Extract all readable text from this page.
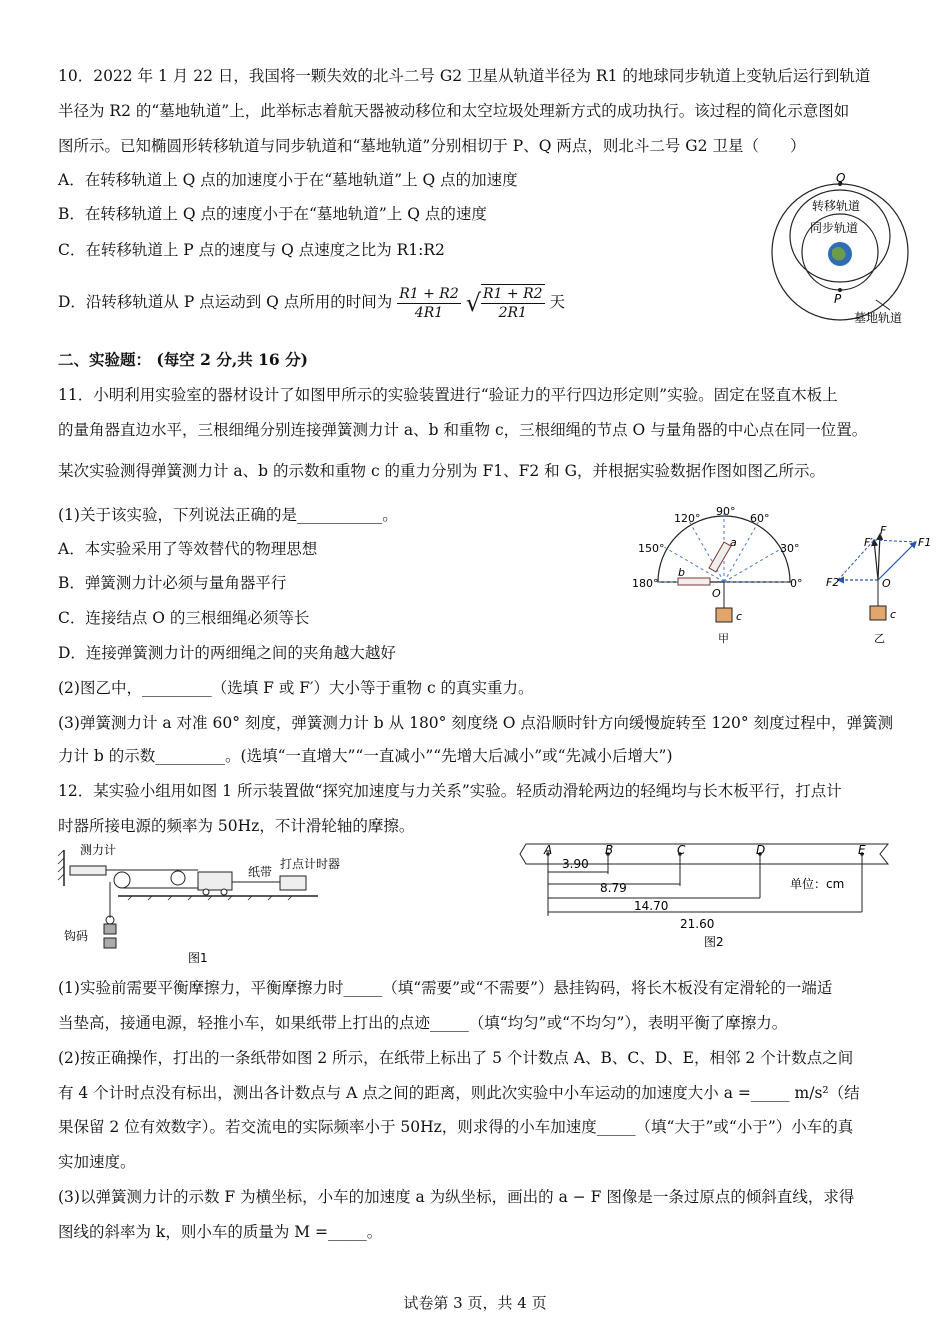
10．2022 年 1 月 22 日，我国将一颗失效的北斗二号 G2 卫星从轨道半径为 R1 的地球同步轨道上变轨后运行到轨道
半径为 R2 的“墓地轨道”上，此举标志着航天器被动移位和太空垃圾处理新方式的成功执行。该过程的简化示意图如
图所示。已知椭圆形转移轨道与同步轨道和“墓地轨道”分别相切于 P、Q 两点，则北斗二号 G2 卫星（　　）
A．在转移轨道上 Q 点的加速度小于在“墓地轨道”上 Q 点的加速度
B．在转移轨道上 Q 点的速度小于在“墓地轨道”上 Q 点的速度
C．在转移轨道上 P 点的速度与 Q 点速度之比为 R1:R2
D．沿转移轨道从 P 点运动到 Q 点所用的时间为 $\frac{R1 + R2}{4R1}$ √ $\frac{R1 + R2}{2R1}$ 天
Q
P
转移轨道
同步轨道
墓地轨道
二、实验题： (每空 2 分,共 16 分)
11．小明利用实验室的器材设计了如图甲所示的实验装置进行“验证力的平行四边形定则”实验。固定在竖直木板上
的量角器直边水平，三根细绳分别连接弹簧测力计 a、b 和重物 c，三根细绳的节点 O 与量角器的中心点在同一位置。
某次实验测得弹簧测力计 a、b 的示数和重物 c 的重力分别为 F1、F2 和 G，并根据实验数据作图如图乙所示。
(1)关于该实验，下列说法正确的是___________。
A．本实验采用了等效替代的物理思想
B．弹簧测力计必须与量角器平行
C．连接结点 O 的三根细绳必须等长
D．连接弹簧测力计的两细绳之间的夹角越大越好
(2)图乙中，_________（选填 F 或 F′）大小等于重物 c 的真实重力。
(3)弹簧测力计 a 对准 60° 刻度，弹簧测力计 b 从 180° 刻度绕 O 点沿顺时针方向缓慢旋转至 120° 刻度过程中，弹簧测
力计 b 的示数_________。(选填“一直增大”“一直减小”“先增大后减小”或“先减小后增大”)
120°
90°
60°
150°	30°
180°	0°
a
b
O
c
甲
F
F′	F1
F2	O
c
乙
12．某实验小组用如图 1 所示装置做“探究加速度与力关系”实验。轻质动滑轮两边的轻绳均与长木板平行，打点计
时器所接电源的频率为 50Hz，不计滑轮轴的摩擦。
测力计
纸带
打点计时器
钩码
图1
A	B	C	D	E
3.90
8.79
14.70
21.60
单位：cm
图2
(1)实验前需要平衡摩擦力，平衡摩擦力时_____（填“需要”或“不需要”）悬挂钩码，将长木板没有定滑轮的一端适
当垫高，接通电源，轻推小车，如果纸带上打出的点迹_____（填“均匀”或“不均匀”），表明平衡了摩擦力。
(2)按正确操作，打出的一条纸带如图 2 所示，在纸带上标出了 5 个计数点 A、B、C、D、E，相邻 2 个计数点之间
有 4 个计时点没有标出，测出各计数点与 A 点之间的距离，则此次实验中小车运动的加速度大小 a =_____ m/s²（结
果保留 2 位有效数字）。若交流电的实际频率小于 50Hz，则求得的小车加速度_____（填“大于”或“小于”）小车的真
实加速度。
(3)以弹簧测力计的示数 F 为横坐标，小车的加速度 a 为纵坐标，画出的 a − F 图像是一条过原点的倾斜直线，求得
图线的斜率为 k，则小车的质量为 M =_____。
试卷第 3 页，共 4 页
